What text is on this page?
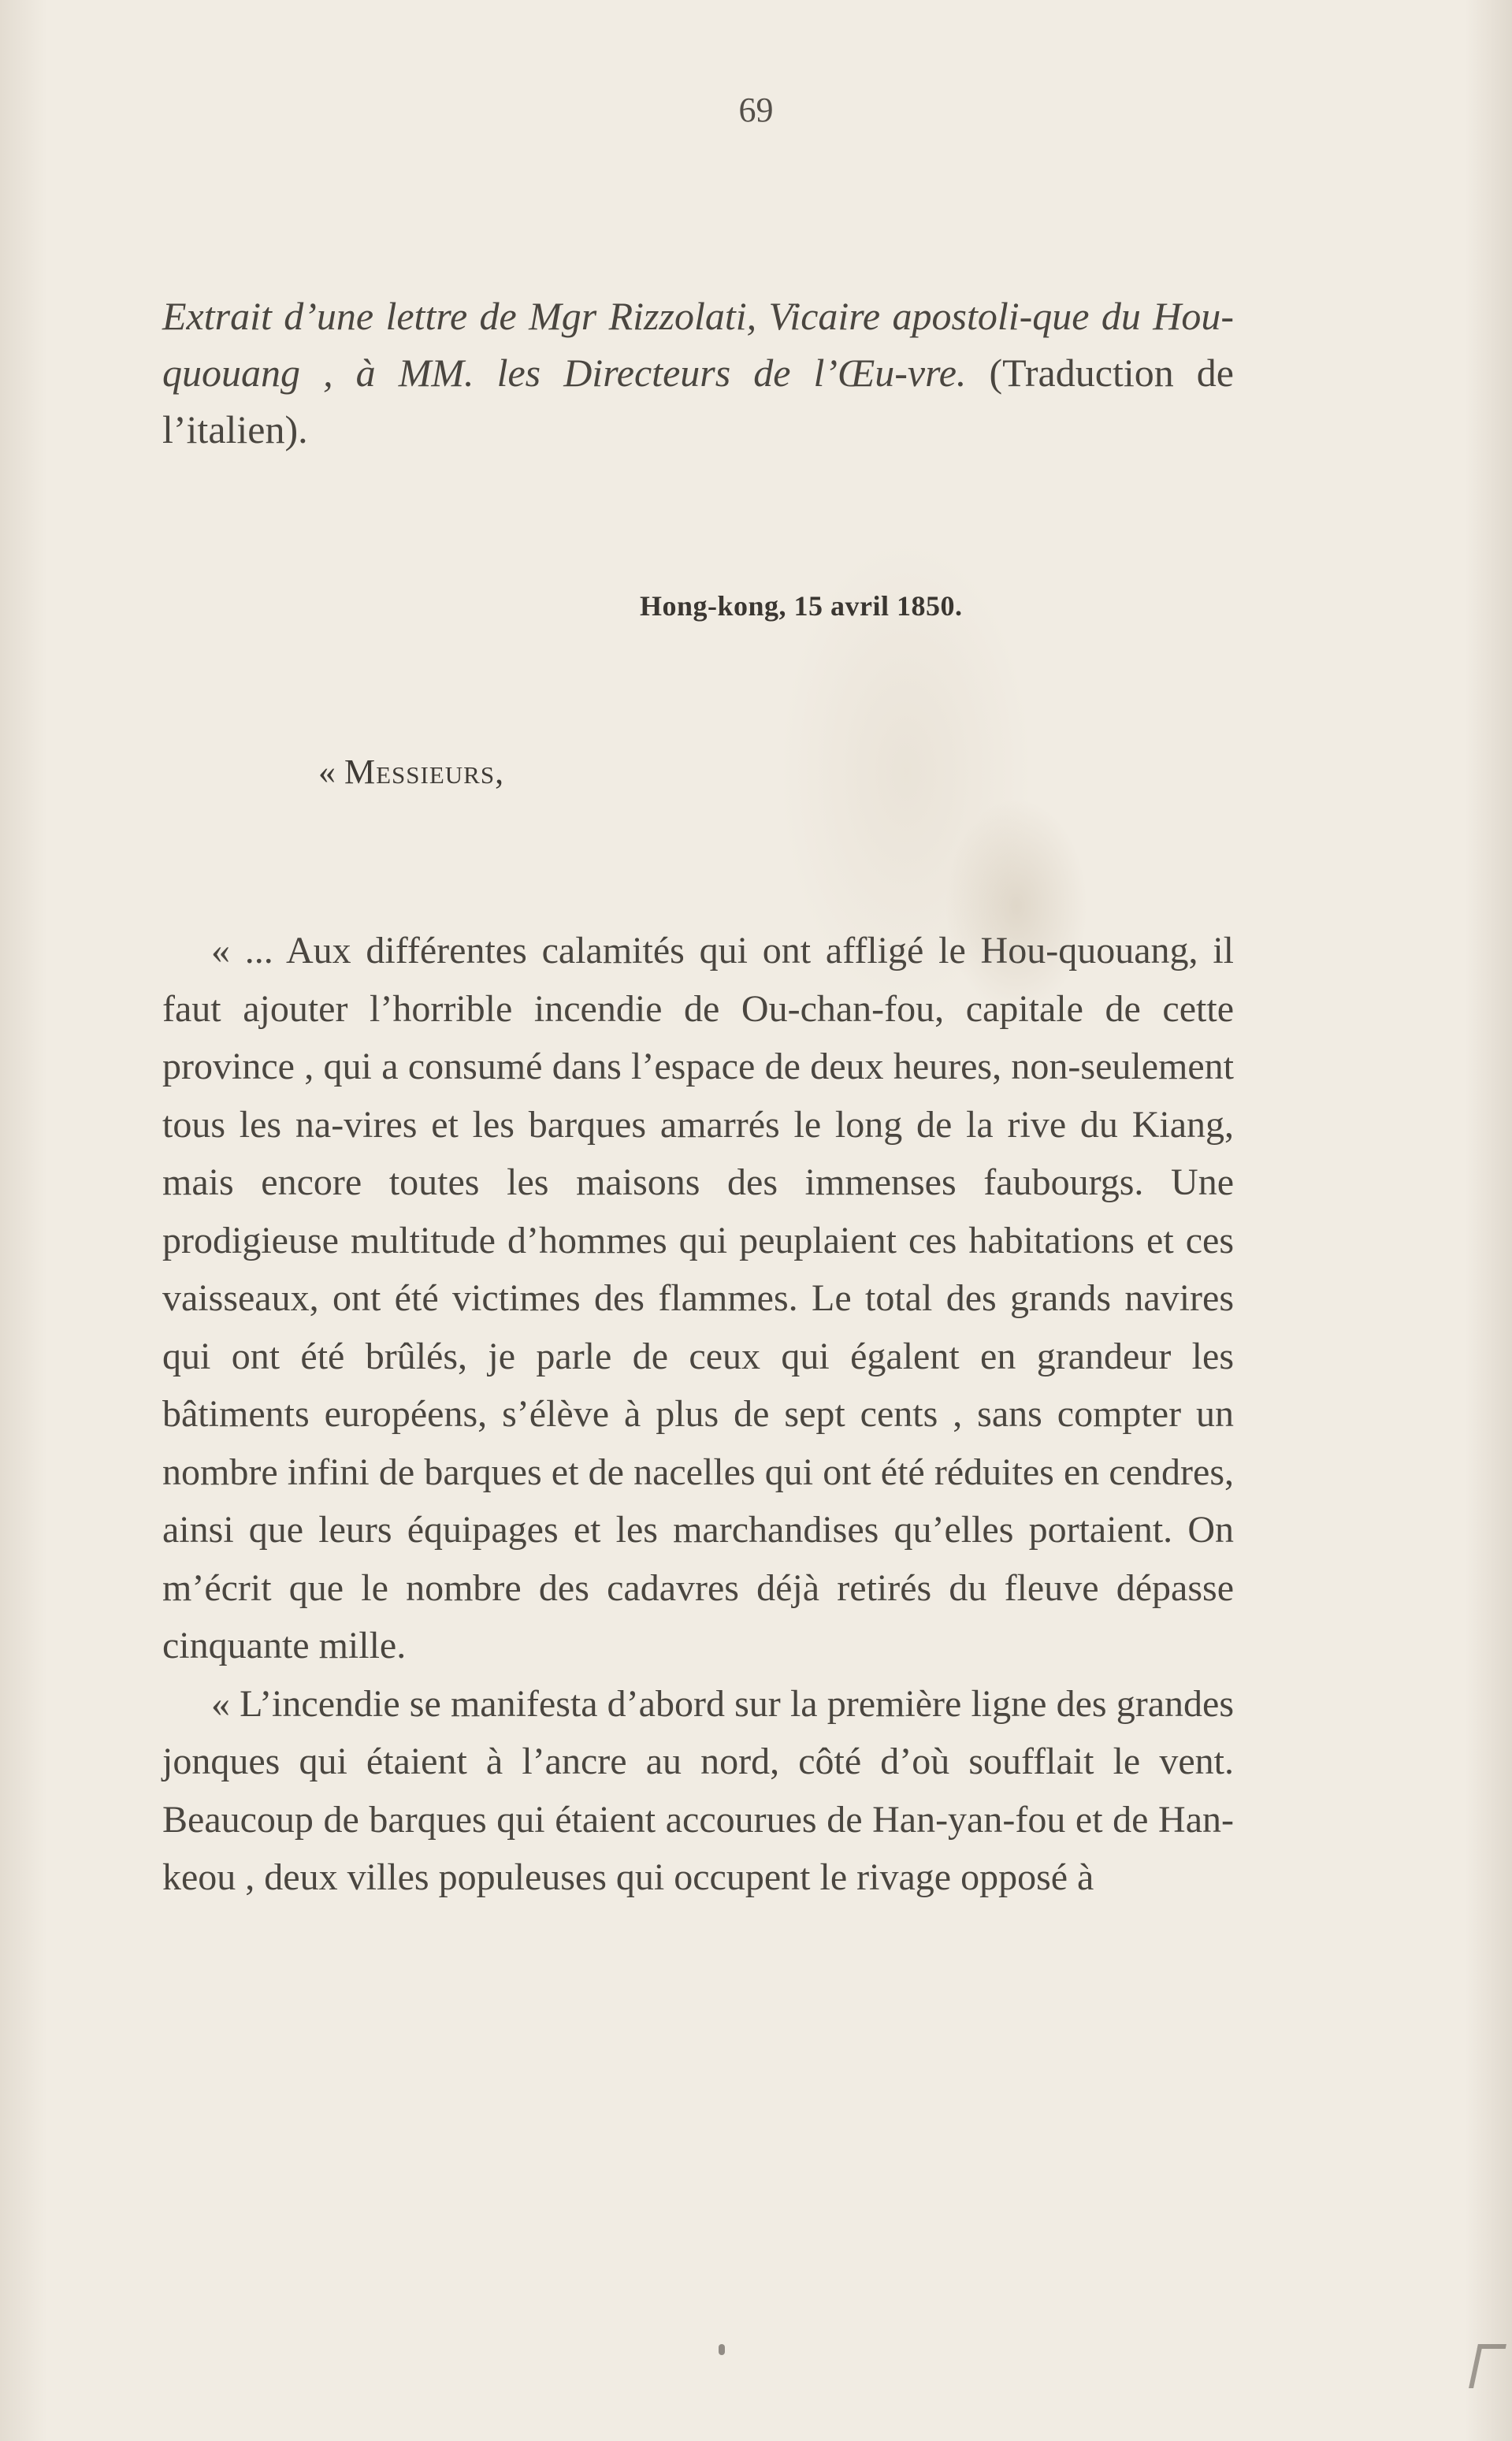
69
Extrait d’une lettre de Mgr Rizzolati, Vicaire apostoli-que du Hou-quouang , à MM. les Directeurs de l’Œu-vre. (Traduction de l’italien).
Hong-kong, 15 avril 1850.
« Messieurs,

« ... Aux différentes calamités qui ont affligé le Hou-quouang, il faut ajouter l’horrible incendie de Ou-chan-fou, capitale de cette province , qui a consumé dans l’espace de deux heures, non-seulement tous les na-vires et les barques amarrés le long de la rive du Kiang, mais encore toutes les maisons des immenses faubourgs. Une prodigieuse multitude d’hommes qui peuplaient ces habitations et ces vaisseaux, ont été victimes des flammes. Le total des grands navires qui ont été brûlés, je parle de ceux qui égalent en grandeur les bâtiments européens, s’élève à plus de sept cents , sans compter un nombre infini de barques et de nacelles qui ont été réduites en cendres, ainsi que leurs équipages et les marchandises qu’elles portaient. On m’écrit que le nombre des cadavres déjà retirés du fleuve dépasse cinquante mille.

« L’incendie se manifesta d’abord sur la première ligne des grandes jonques qui étaient à l’ancre au nord, côté d’où soufflait le vent. Beaucoup de barques qui étaient accourues de Han-yan-fou et de Han-keou , deux villes populeuses qui occupent le rivage opposé à
